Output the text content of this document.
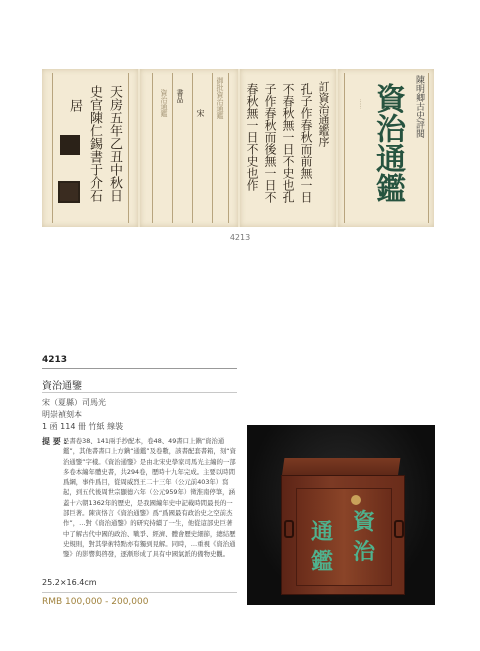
天房五年乙丑中秋日
史官陳仁錫書于介石
居	御批資治通鑑
宋
資治通鑑 書品	訂資治通鑑序
孔子作春秋而前無一日
不春秋無一日不史也孔
子作春秋而後無一日不
春秋無一日不史也作	……	陳明卿古史評閱
資治通鑑
4213
4213
資治通鑒
宋（夏縣）司馬光
明崇禎刻本
1 函 114 冊 竹紙 線裝
提 要 :
是書卷38、141兩手抄配本，卷48、49書口上鐫“資治通鑑”，其他書書口上方鐫“通鑑”及卷數，該書配套書箱，刻“資治通鑒”字樣。《資治通鑒》是由北宋史學家司馬光主編的一部多卷本編年體史書，共294卷，歷時十九年完成。主要以時間爲綱，事件爲目，從周威烈王二十三年（公元前403年）寫起，到五代後周世宗顯德六年（公元959年）徵淮南停筆，涵蓋十六朝1362年的歷史，是我國編年史中記載時間最長的一部巨著。陳寅恪言《資治通鑒》爲“爲國最有政治史之空前杰作”，…對《資治通鑒》的研究持續了一生，他從這部史巨著中了解古代中國的政治、戰爭、經濟、體會歷史細節，總結歷史規則，對其學術特點亦有獨到見解。同時，…重視《資治通鑒》的影響與啓發，逐漸形成了具有中國氣派的備物史觀。
25.2×16.4cm
RMB 100,000 - 200,000
資
治
通
鑑
